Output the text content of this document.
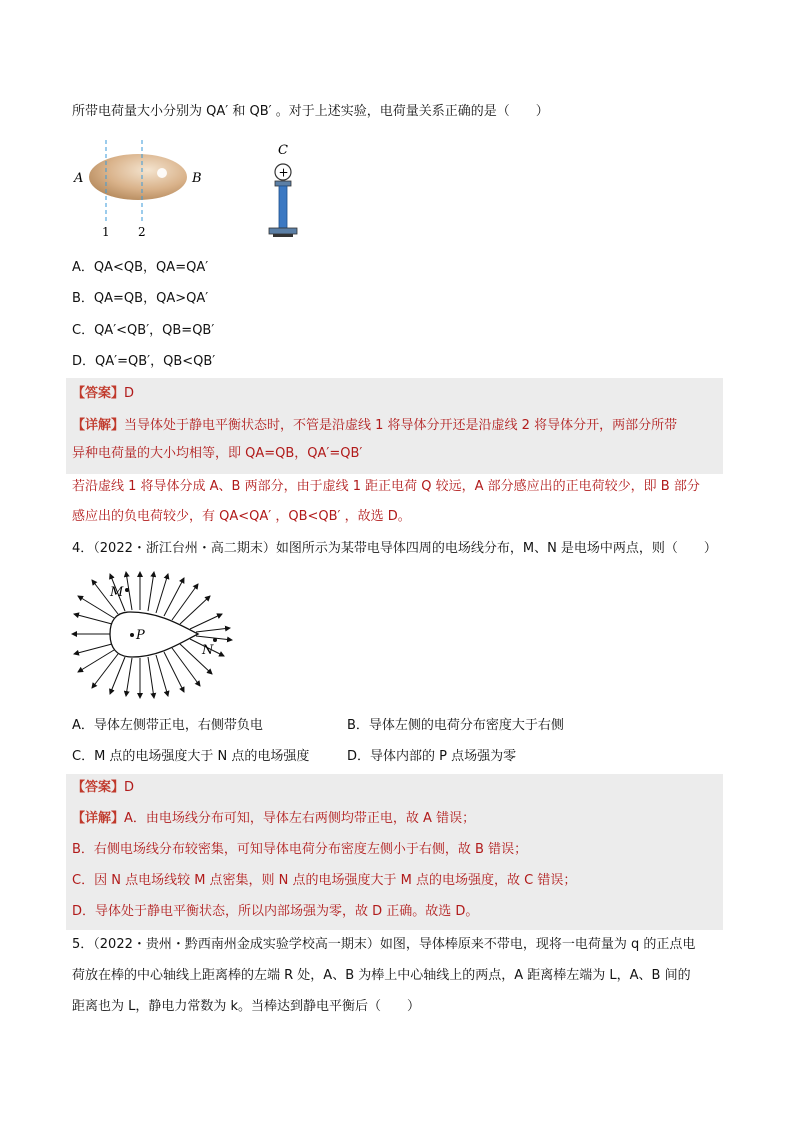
所带电荷量大小分别为 QA′ 和 QB′ 。对于上述实验，电荷量关系正确的是（　　）
A	B
1 2
C
+
A．QA<QB，QA=QA′
B．QA=QB，QA>QA′
C．QA′<QB′，QB=QB′
D．QA′=QB′，QB<QB′
【答案】D
【详解】当导体处于静电平衡状态时，不管是沿虚线 1 将导体分开还是沿虚线 2 将导体分开，两部分所带
异种电荷量的大小均相等，即 QA=QB，QA′=QB′
若沿虚线 1 将导体分成 A、B 两部分，由于虚线 1 距正电荷 Q 较远，A 部分感应出的正电荷较少，即 B 部分
感应出的负电荷较少，有 QA<QA′ ，QB<QB′ ，故选 D。
4．（2022・浙江台州・高二期末）如图所示为某带电导体四周的电场线分布，M、N 是电场中两点，则（　　）
P
M
N
A．导体左侧带正电，右侧带负电	B．导体左侧的电荷分布密度大于右侧
C．M 点的电场强度大于 N 点的电场强度	D．导体内部的 P 点场强为零
【答案】D
【详解】A．由电场线分布可知，导体左右两侧均带正电，故 A 错误；
B．右侧电场线分布较密集，可知导体电荷分布密度左侧小于右侧，故 B 错误；
C．因 N 点电场线较 M 点密集，则 N 点的电场强度大于 M 点的电场强度，故 C 错误；
D．导体处于静电平衡状态，所以内部场强为零，故 D 正确。故选 D。
5．（2022・贵州・黔西南州金成实验学校高一期末）如图，导体棒原来不带电，现将一电荷量为 q 的正点电
荷放在棒的中心轴线上距离棒的左端 R 处，A、B 为棒上中心轴线上的两点，A 距离棒左端为 L，A、B 间的
距离也为 L，静电力常数为 k。当棒达到静电平衡后（　　）
